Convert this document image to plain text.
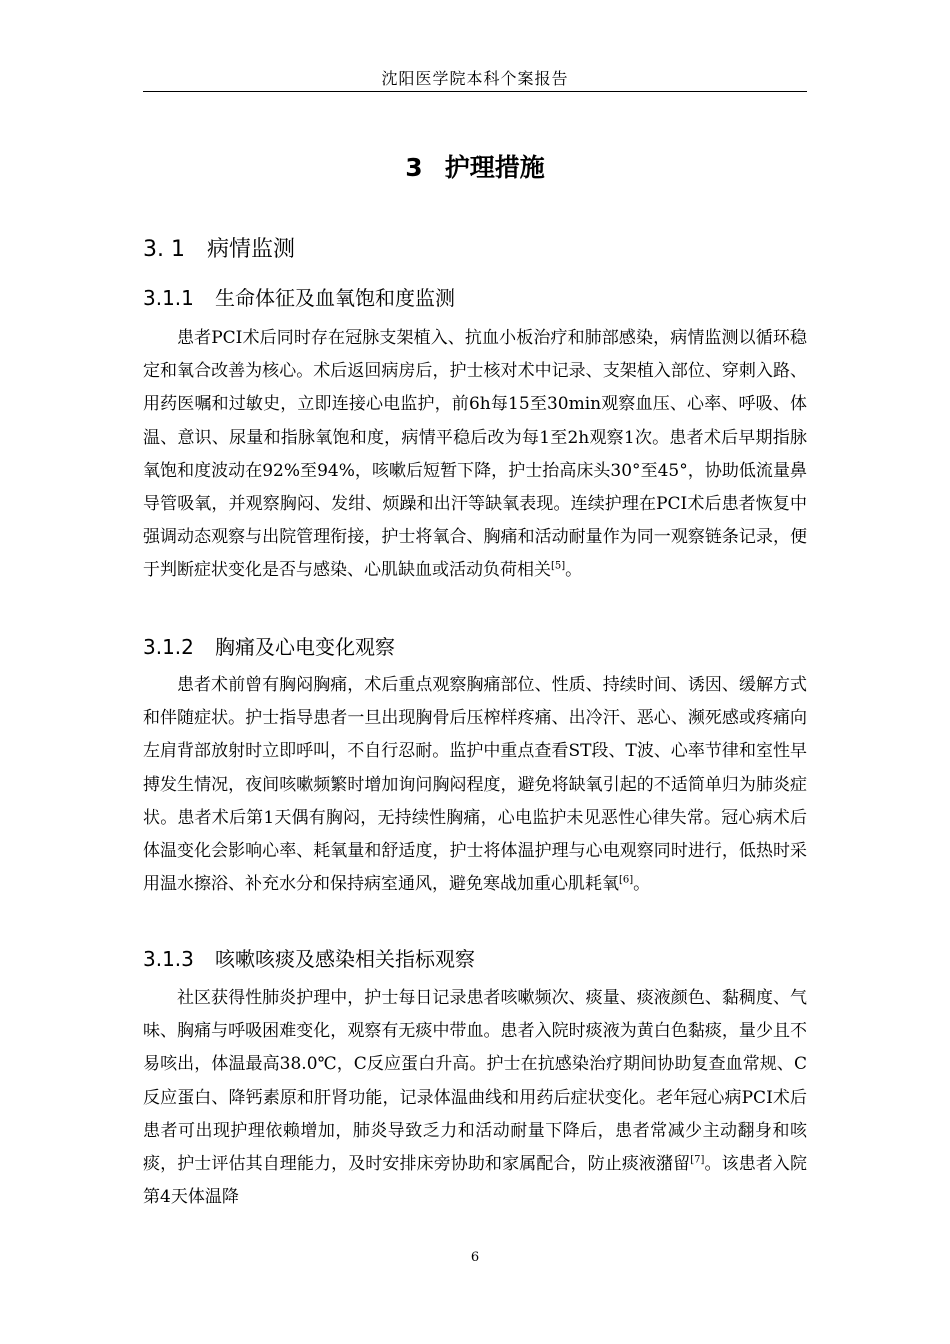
沈阳医学院本科个案报告
3 护理措施
3. 1 病情监测
3.1.1 生命体征及血氧饱和度监测

患者PCI术后同时存在冠脉支架植入、抗血小板治疗和肺部感染，病情监测以循环稳定和氧合改善为核心。术后返回病房后，护士核对术中记录、支架植入部位、穿刺入路、用药医嘱和过敏史，立即连接心电监护，前6h每15至30min观察血压、心率、呼吸、体温、意识、尿量和指脉氧饱和度，病情平稳后改为每1至2h观察1次。患者术后早期指脉氧饱和度波动在92%至94%，咳嗽后短暂下降，护士抬高床头30°至45°，协助低流量鼻导管吸氧，并观察胸闷、发绀、烦躁和出汗等缺氧表现。连续护理在PCI术后患者恢复中强调动态观察与出院管理衔接，护士将氧合、胸痛和活动耐量作为同一观察链条记录，便于判断症状变化是否与感染、心肌缺血或活动负荷相关[5]。

3.1.2 胸痛及心电变化观察

患者术前曾有胸闷胸痛，术后重点观察胸痛部位、性质、持续时间、诱因、缓解方式和伴随症状。护士指导患者一旦出现胸骨后压榨样疼痛、出冷汗、恶心、濒死感或疼痛向左肩背部放射时立即呼叫，不自行忍耐。监护中重点查看ST段、T波、心率节律和室性早搏发生情况，夜间咳嗽频繁时增加询问胸闷程度，避免将缺氧引起的不适简单归为肺炎症状。患者术后第1天偶有胸闷，无持续性胸痛，心电监护未见恶性心律失常。冠心病术后体温变化会影响心率、耗氧量和舒适度，护士将体温护理与心电观察同时进行，低热时采用温水擦浴、补充水分和保持病室通风，避免寒战加重心肌耗氧[6]。

3.1.3 咳嗽咳痰及感染相关指标观察

社区获得性肺炎护理中，护士每日记录患者咳嗽频次、痰量、痰液颜色、黏稠度、气味、胸痛与呼吸困难变化，观察有无痰中带血。患者入院时痰液为黄白色黏痰，量少且不易咳出，体温最高38.0℃，C反应蛋白升高。护士在抗感染治疗期间协助复查血常规、C反应蛋白、降钙素原和肝肾功能，记录体温曲线和用药后症状变化。老年冠心病PCI术后患者可出现护理依赖增加，肺炎导致乏力和活动耐量下降后，患者常减少主动翻身和咳痰，护士评估其自理能力，及时安排床旁协助和家属配合，防止痰液潴留[7]。该患者入院第4天体温降

6
